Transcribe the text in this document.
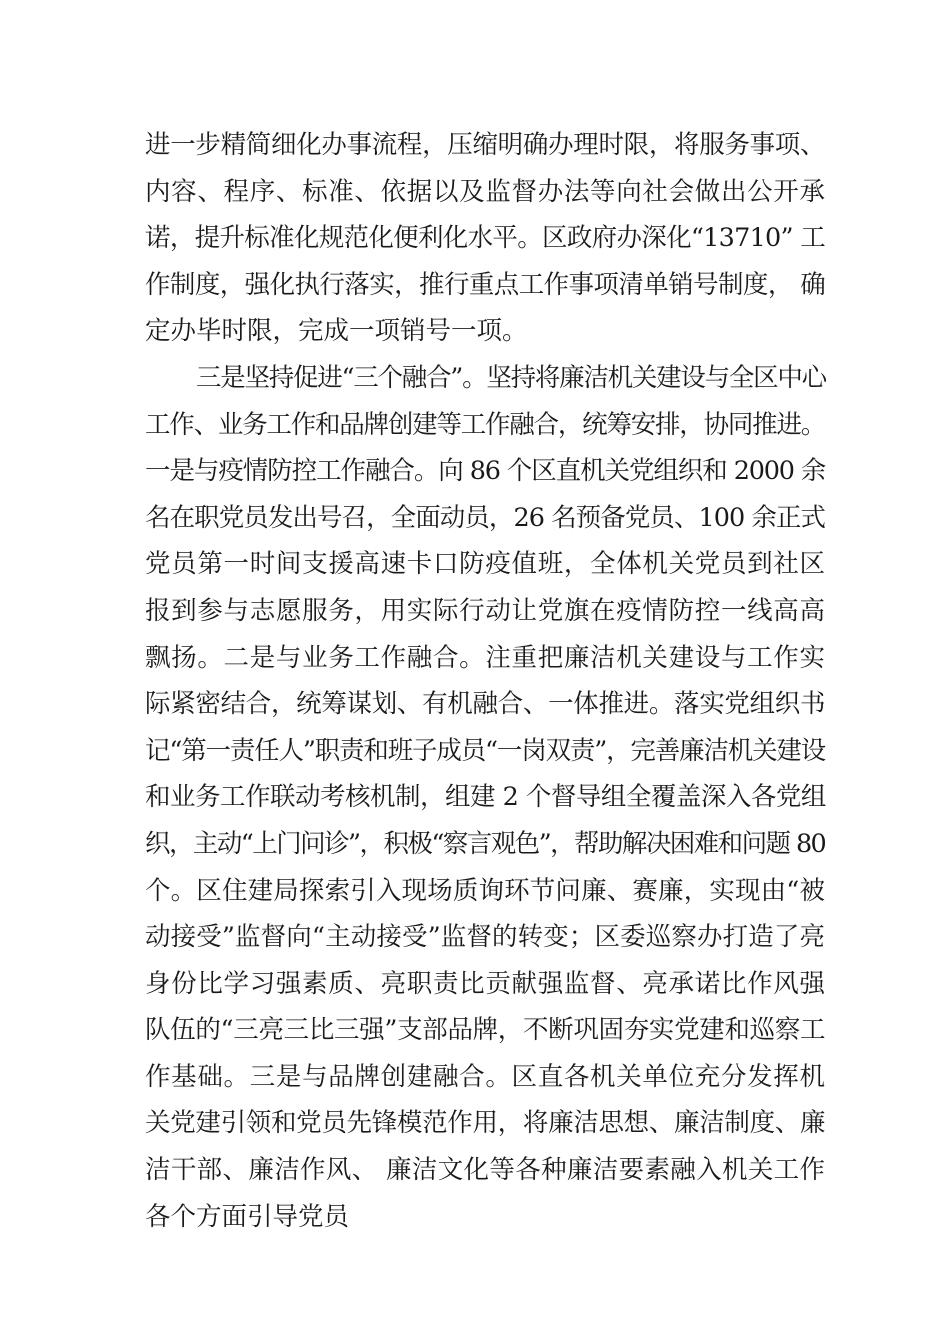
进一步精简细化办事流程，压缩明确办理时限，将服务事项、
内容、程序、标准、依据以及监督办法等向社会做出公开承
诺，提升标准化规范化便利化水平。区政府办深化“13710” 工
作制度，强化执行落实，推行重点工作事项清单销号制度， 确
定办毕时限，完成一项销号一项。
三是坚持促进“三个融合”。坚持将廉洁机关建设与全区中心
工作、业务工作和品牌创建等工作融合，统筹安排，协同推进。
一是与疫情防控工作融合。向 86 个区直机关党组织和 2000 余
名在职党员发出号召，全面动员，26 名预备党员、100 余正式
党员第一时间支援高速卡口防疫值班，全体机关党员到社区
报到参与志愿服务，用实际行动让党旗在疫情防控一线高高
飘扬。二是与业务工作融合。注重把廉洁机关建设与工作实
际紧密结合，统筹谋划、有机融合、一体推进。落实党组织书
记“第一责任人”职责和班子成员“一岗双责”，完善廉洁机关建设
和业务工作联动考核机制，组建 2 个督导组全覆盖深入各党组
织，主动“上门问诊”，积极“察言观色”，帮助解决困难和问题 80
个。区住建局探索引入现场质询环节问廉、赛廉，实现由“被
动接受”监督向“主动接受”监督的转变；区委巡察办打造了亮
身份比学习强素质、亮职责比贡献强监督、亮承诺比作风强
队伍的“三亮三比三强”支部品牌，不断巩固夯实党建和巡察工
作基础。三是与品牌创建融合。区直各机关单位充分发挥机
关党建引领和党员先锋模范作用，将廉洁思想、廉洁制度、廉
洁干部、廉洁作风、 廉洁文化等各种廉洁要素融入机关工作
各个方面引导党员
